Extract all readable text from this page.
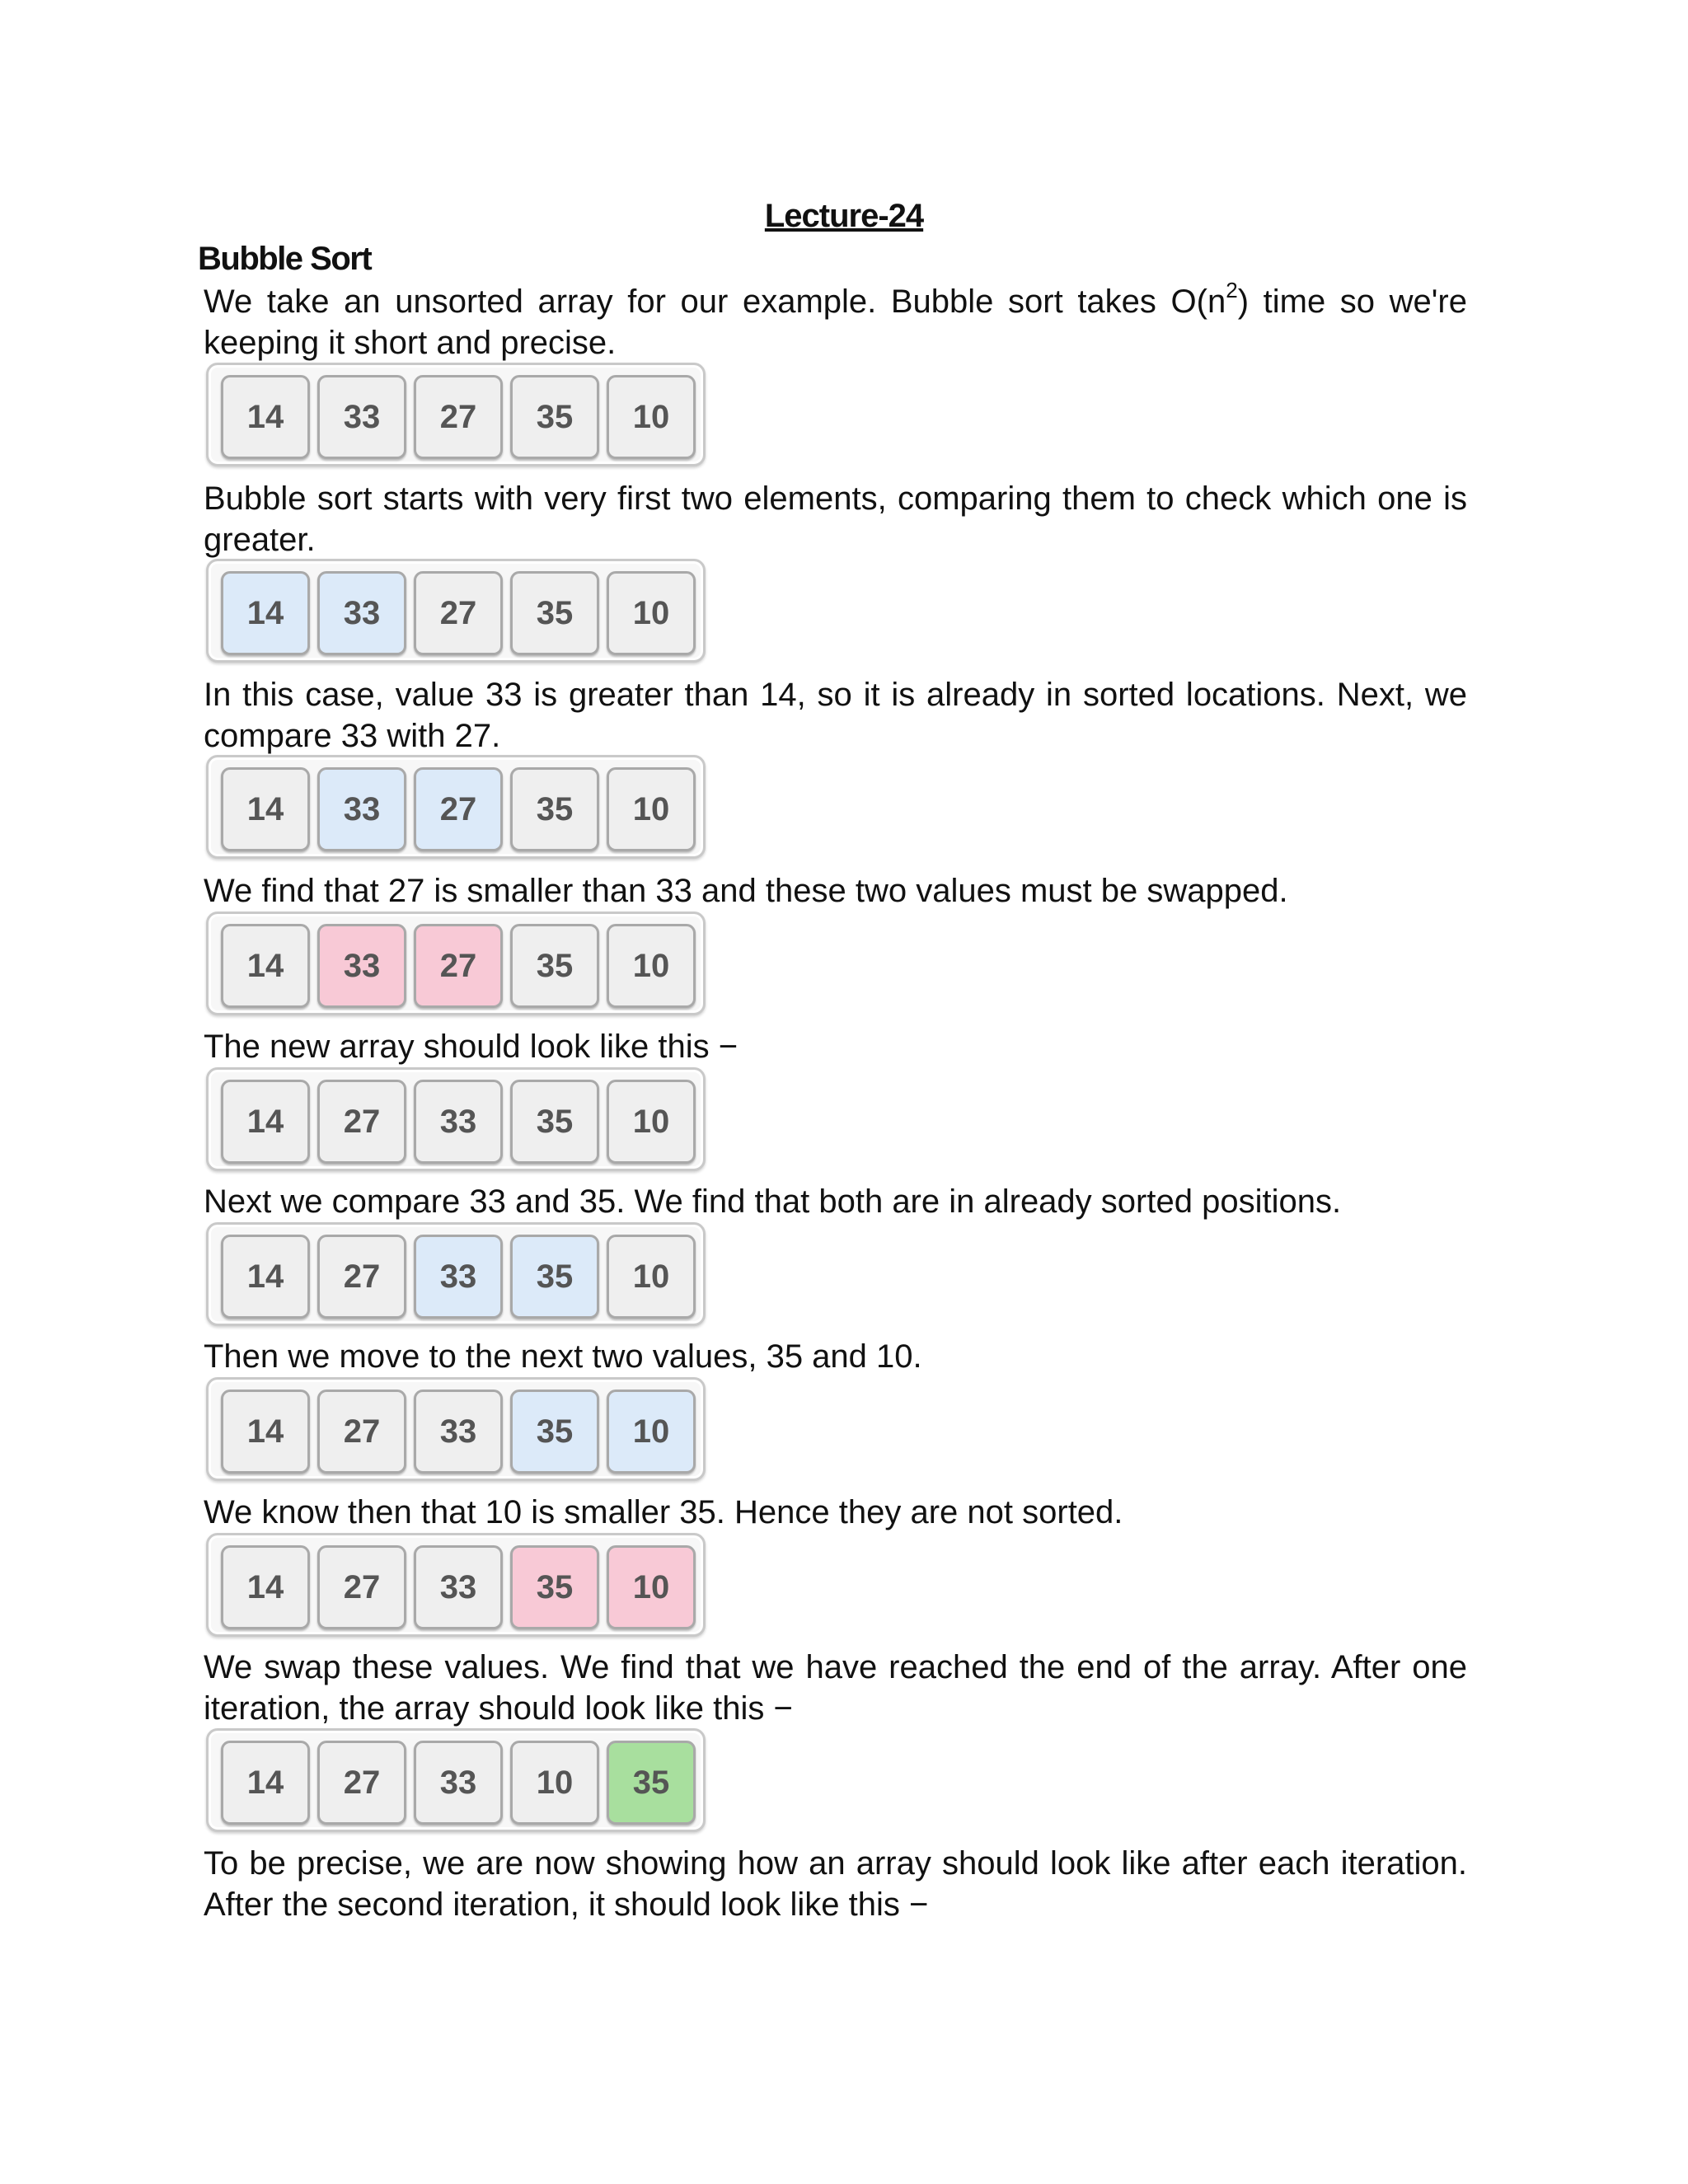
Lecture-24
Bubble Sort

We take an unsorted array for our example. Bubble sort takes $O(n^2)$ time so we're keeping it short and precise.

14	33	27	35	10

Bubble sort starts with very first two elements, comparing them to check which one is greater.

14	33	27	35	10

In this case, value 33 is greater than 14, so it is already in sorted locations. Next, we compare 33 with 27.

14	33	27	35	10

We find that 27 is smaller than 33 and these two values must be swapped.

14	33	27	35	10

The new array should look like this −

14	27	33	35	10

Next we compare 33 and 35. We find that both are in already sorted positions.

14	27	33	35	10

Then we move to the next two values, 35 and 10.

14	27	33	35	10

We know then that 10 is smaller 35. Hence they are not sorted.

14	27	33	35	10

We swap these values. We find that we have reached the end of the array. After one iteration, the array should look like this −

14	27	33	10	35

To be precise, we are now showing how an array should look like after each iteration. After the second iteration, it should look like this −
